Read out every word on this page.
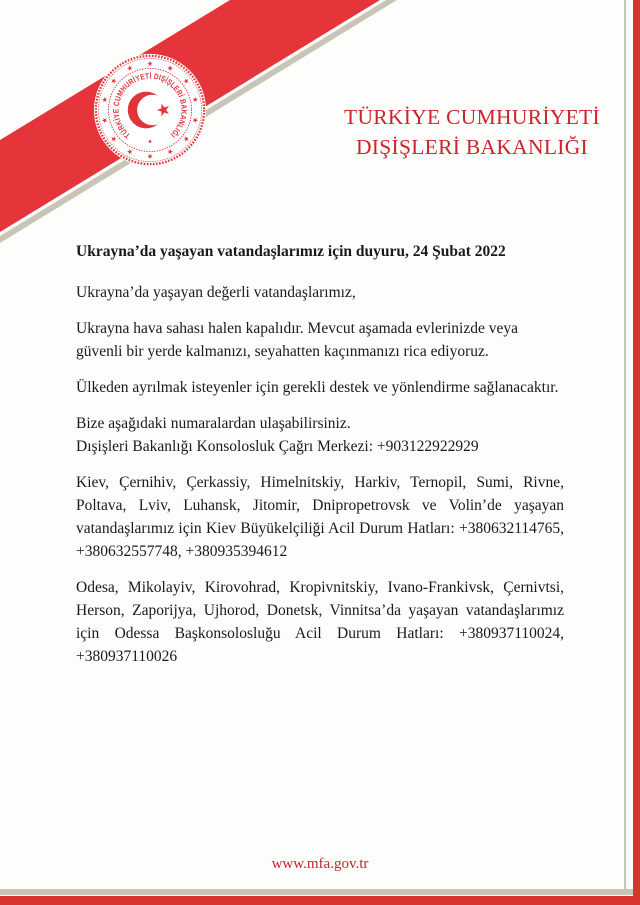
TÜRKİYE CUMHURİYETİ DIŞİŞLERİ BAKANLIĞI
TÜRKİYE CUMHURİYETİ
DIŞİŞLERİ BAKANLIĞI
Ukrayna’da yaşayan vatandaşlarımız için duyuru, 24 Şubat 2022
Ukrayna’da yaşayan değerli vatandaşlarımız,
Ukrayna hava sahası halen kapalıdır. Mevcut aşamada evlerinizde veya güvenli bir yerde kalmanızı, seyahatten kaçınmanızı rica ediyoruz.
Ülkeden ayrılmak isteyenler için gerekli destek ve yönlendirme sağlanacaktır.
Bize aşağıdaki numaralardan ulaşabilirsiniz.
Dışişleri Bakanlığı Konsolosluk Çağrı Merkezi: +903122922929
Kiev, Çernihiv, Çerkassiy, Himelnitskiy, Harkiv, Ternopil, Sumi, Rivne, Poltava, Lviv, Luhansk, Jitomir, Dnipropetrovsk ve Volin’de yaşayan vatandaşlarımız için Kiev Büyükelçiliği Acil Durum Hatları: +380632114765, +380632557748, +380935394612
Odesa, Mikolayiv, Kirovohrad, Kropivnitskiy, Ivano-Frankivsk, Çernivtsi, Herson, Zaporijya, Ujhorod, Donetsk, Vinnitsa’da yaşayan vatandaşlarımız için Odessa Başkonsolosluğu Acil Durum Hatları: +380937110024, +380937110026
www.mfa.gov.tr
